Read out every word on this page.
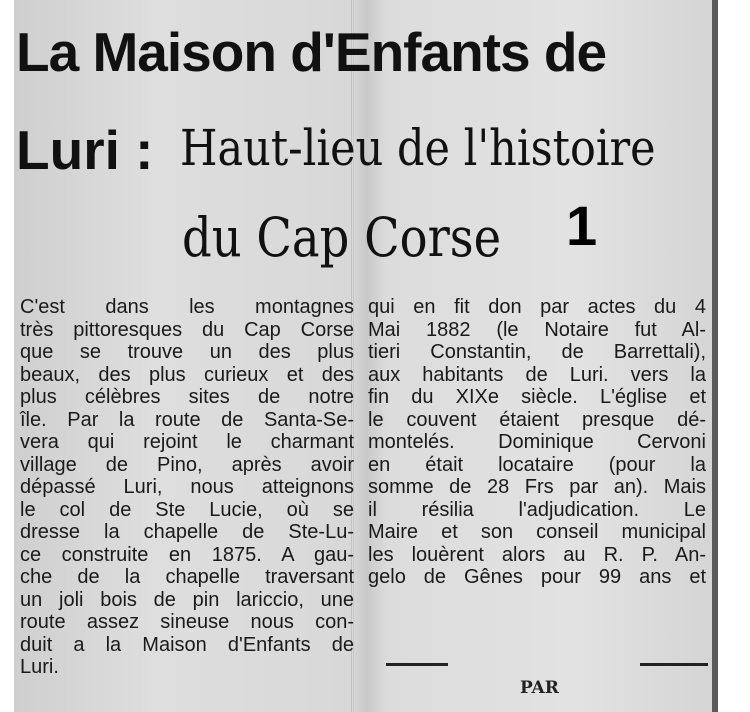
La Maison d'Enfants de
Luri : Haut-lieu de l'histoire
du Cap Corse 1
C'est dans les montagnes
très pittoresques du Cap Corse
que se trouve un des plus
beaux, des plus curieux et des
plus célèbres sites de notre
île. Par la route de Santa-Se-
vera qui rejoint le charmant
village de Pino, après avoir
dépassé Luri, nous atteignons
le col de Ste Lucie, où se
dresse la chapelle de Ste-Lu-
ce construite en 1875. A gau-
che de la chapelle traversant
un joli bois de pin lariccio, une
route assez sineuse nous con-
duit a la Maison d'Enfants de
Luri.
qui en fit don par actes du 4
Mai 1882 (le Notaire fut Al-
tieri Constantin, de Barrettali),
aux habitants de Luri. vers la
fin du XIXe siècle. L'église et
le couvent étaient presque dé-
montelés. Dominique Cervoni
en était locataire (pour la
somme de 28 Frs par an). Mais
il résilia l'adjudication. Le
Maire et son conseil municipal
les louèrent alors au R. P. An-
gelo de Gênes pour 99 ans et
PAR
